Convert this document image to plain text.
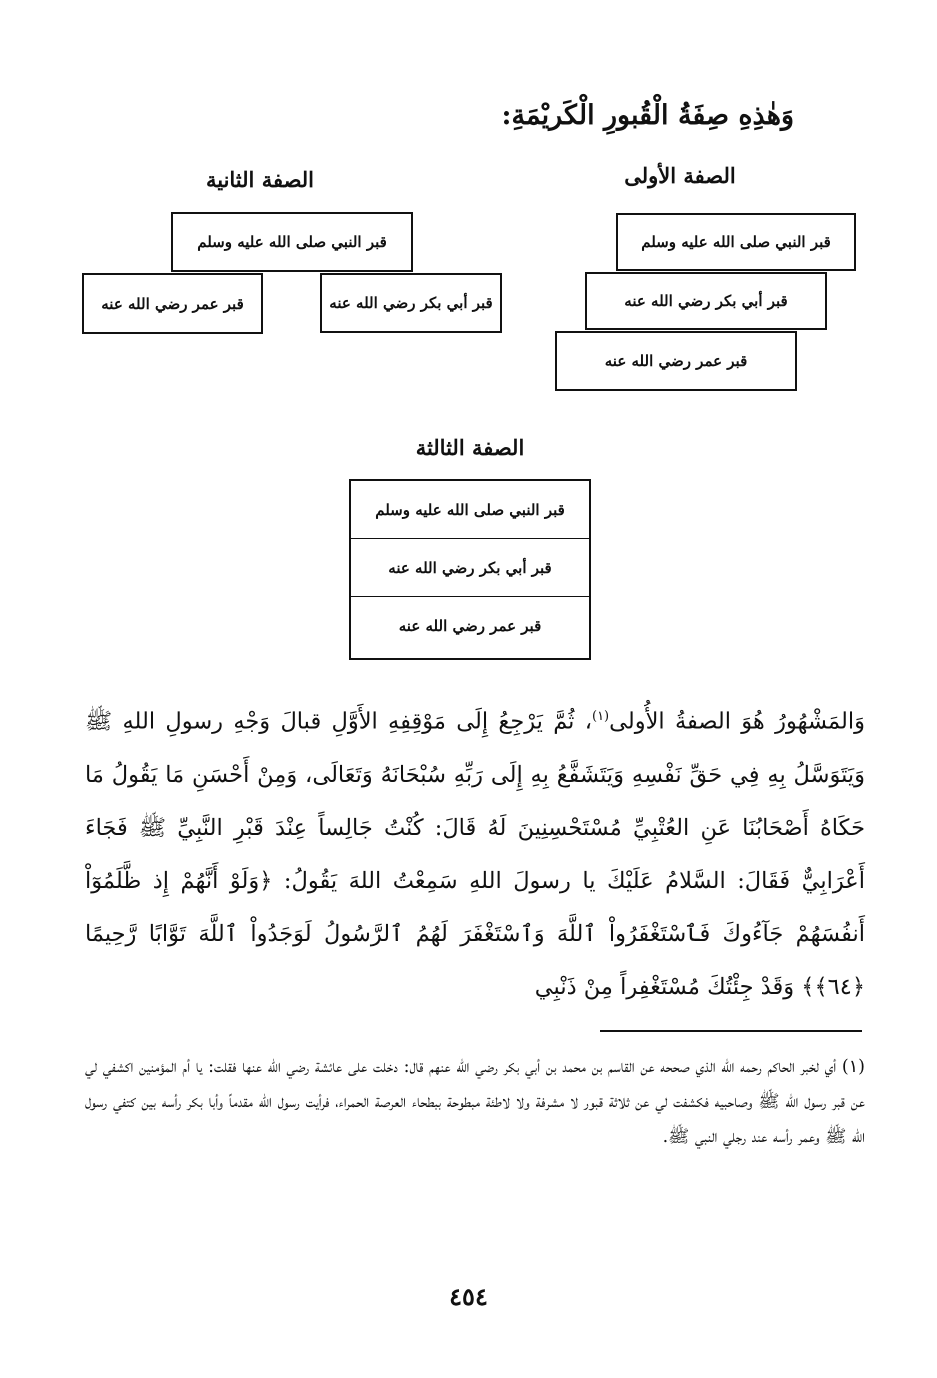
وَهٰذِهِ صِفَةُ الْقُبورِ الْكَريْمَةِ:
الصفة الأولى
قبر النبي صلى الله عليه وسلم
قبر أبي بكر رضي الله عنه
قبر عمر رضي الله عنه
الصفة الثانية
قبر النبي صلى الله عليه وسلم
قبر أبي بكر رضي الله عنه
قبر عمر رضي الله عنه
الصفة الثالثة
قبر النبي صلى الله عليه وسلم
قبر أبي بكر رضي الله عنه
قبر عمر رضي الله عنه
وَالمَشْهُورُ هُوَ الصفةُ الأُولى$^{(١)}$، ثُمَّ يَرْجِعُ إِلَى مَوْقِفِهِ الأَوَّلِ قبالَ وَجْهِ رسولِ اللهِ ﷺ وَيَتَوَسَّلُ بِهِ فِي حَقِّ نَفْسِهِ وَيَتَشَفَّعُ بِهِ إِلَى رَبِّهِ سُبْحَانَهُ وَتَعَالَى، وَمِنْ أَحْسَنِ مَا يَقُولُ مَا حَكَاهُ أَصْحَابُنَا عَنِ العُتْبِيِّ مُسْتَحْسِنِينَ لَهُ قَالَ: كُنْتُ جَالِساً عِنْدَ قَبْرِ النَّبِيِّ ﷺ فَجَاءَ أَعْرَابِيٌّ فَقَالَ: السَّلامُ عَلَيْكَ يا رسولَ اللهِ سَمِعْتُ اللهَ يَقُولُ: ﴿وَلَوْ أَنَّهُمْ إِذ ظَّلَمُوٓاْ أَنفُسَهُمْ جَآءُوكَ فَٱسْتَغْفَرُواْ ٱللَّهَ وَٱسْتَغْفَرَ لَهُمُ ٱلرَّسُولُ لَوَجَدُواْ ٱللَّهَ تَوَّابًا رَّحِيمًا ﴿٦٤﴾﴾ وَقَدْ جِئْتُكَ مُسْتَغْفِراً مِنْ ذَنْبِي
(١) أي لخبر الحاكم رحمه الله الذي صححه عن القاسم بن محمد بن أبي بكر رضي الله عنهم قال: دخلت على عائشة رضي الله عنها فقلت: يا أم المؤمنين اكشفي لي عن قبر رسول الله ﷺ وصاحبيه فكشفت لي عن ثلاثة قبور لا مشرفة ولا لاطئة مبطوحة ببطحاء العرصة الحمراء، فرأيت رسول الله مقدماً وأبا بكر رأسه بين كتفي رسول الله ﷺ وعمر رأسه عند رجلي النبي ﷺ.
٤٥٤
